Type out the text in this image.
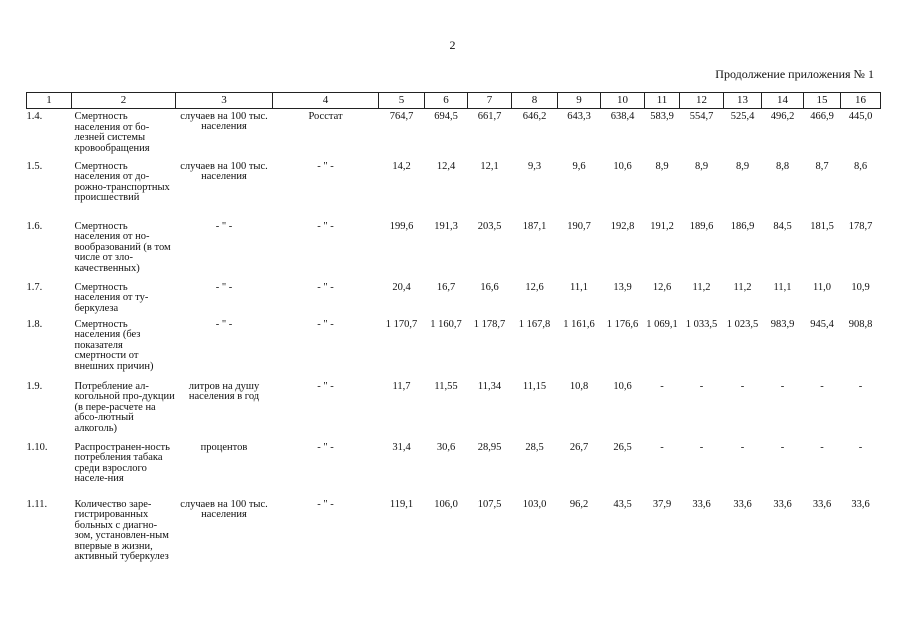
2
Продолжение приложения № 1
1	2	3	4	5	6	7	8	9	10	11	12	13	14	15	16
1.4.	Смертность населения от бо-лезней системы кровообращения	случаев на 100 тыс. населения	Росстат	764,7	694,5	661,7	646,2	643,3	638,4	583,9	554,7	525,4	496,2	466,9	445,0
1.5.	Смертность населения от до-рожно-транспортных происшествий	случаев на 100 тыс. населения	- " -	14,2	12,4	12,1	9,3	9,6	10,6	8,9	8,9	8,9	8,8	8,7	8,6
1.6.	Смертность населения от но-вообразований (в том числе от зло-качественных)	- " -	- " -	199,6	191,3	203,5	187,1	190,7	192,8	191,2	189,6	186,9	84,5	181,5	178,7
1.7.	Смертность населения от ту-беркулеза	- " -	- " -	20,4	16,7	16,6	12,6	11,1	13,9	12,6	11,2	11,2	11,1	11,0	10,9
1.8.	Смертность населения (без показателя смертности от внешних причин)	- " -	- " -	1 170,7	1 160,7	1 178,7	1 167,8	1 161,6	1 176,6	1 069,1	1 033,5	1 023,5	983,9	945,4	908,8
1.9.	Потребление ал-когольной про-дукции (в пере-расчете на абсо-лютный алкоголь)	литров на душу населения в год	- " -	11,7	11,55	11,34	11,15	10,8	10,6	-	-	-	-	-	-
1.10.	Распространен-ность потребления табака среди взрослого населе-ния	процентов	- " -	31,4	30,6	28,95	28,5	26,7	26,5	-	-	-	-	-	-
1.11.	Количество заре-гистрированных больных с диагно-зом, установлен-ным впервые в жизни, активный туберкулез	случаев на 100 тыс. населения	- " -	119,1	106,0	107,5	103,0	96,2	43,5	37,9	33,6	33,6	33,6	33,6	33,6
